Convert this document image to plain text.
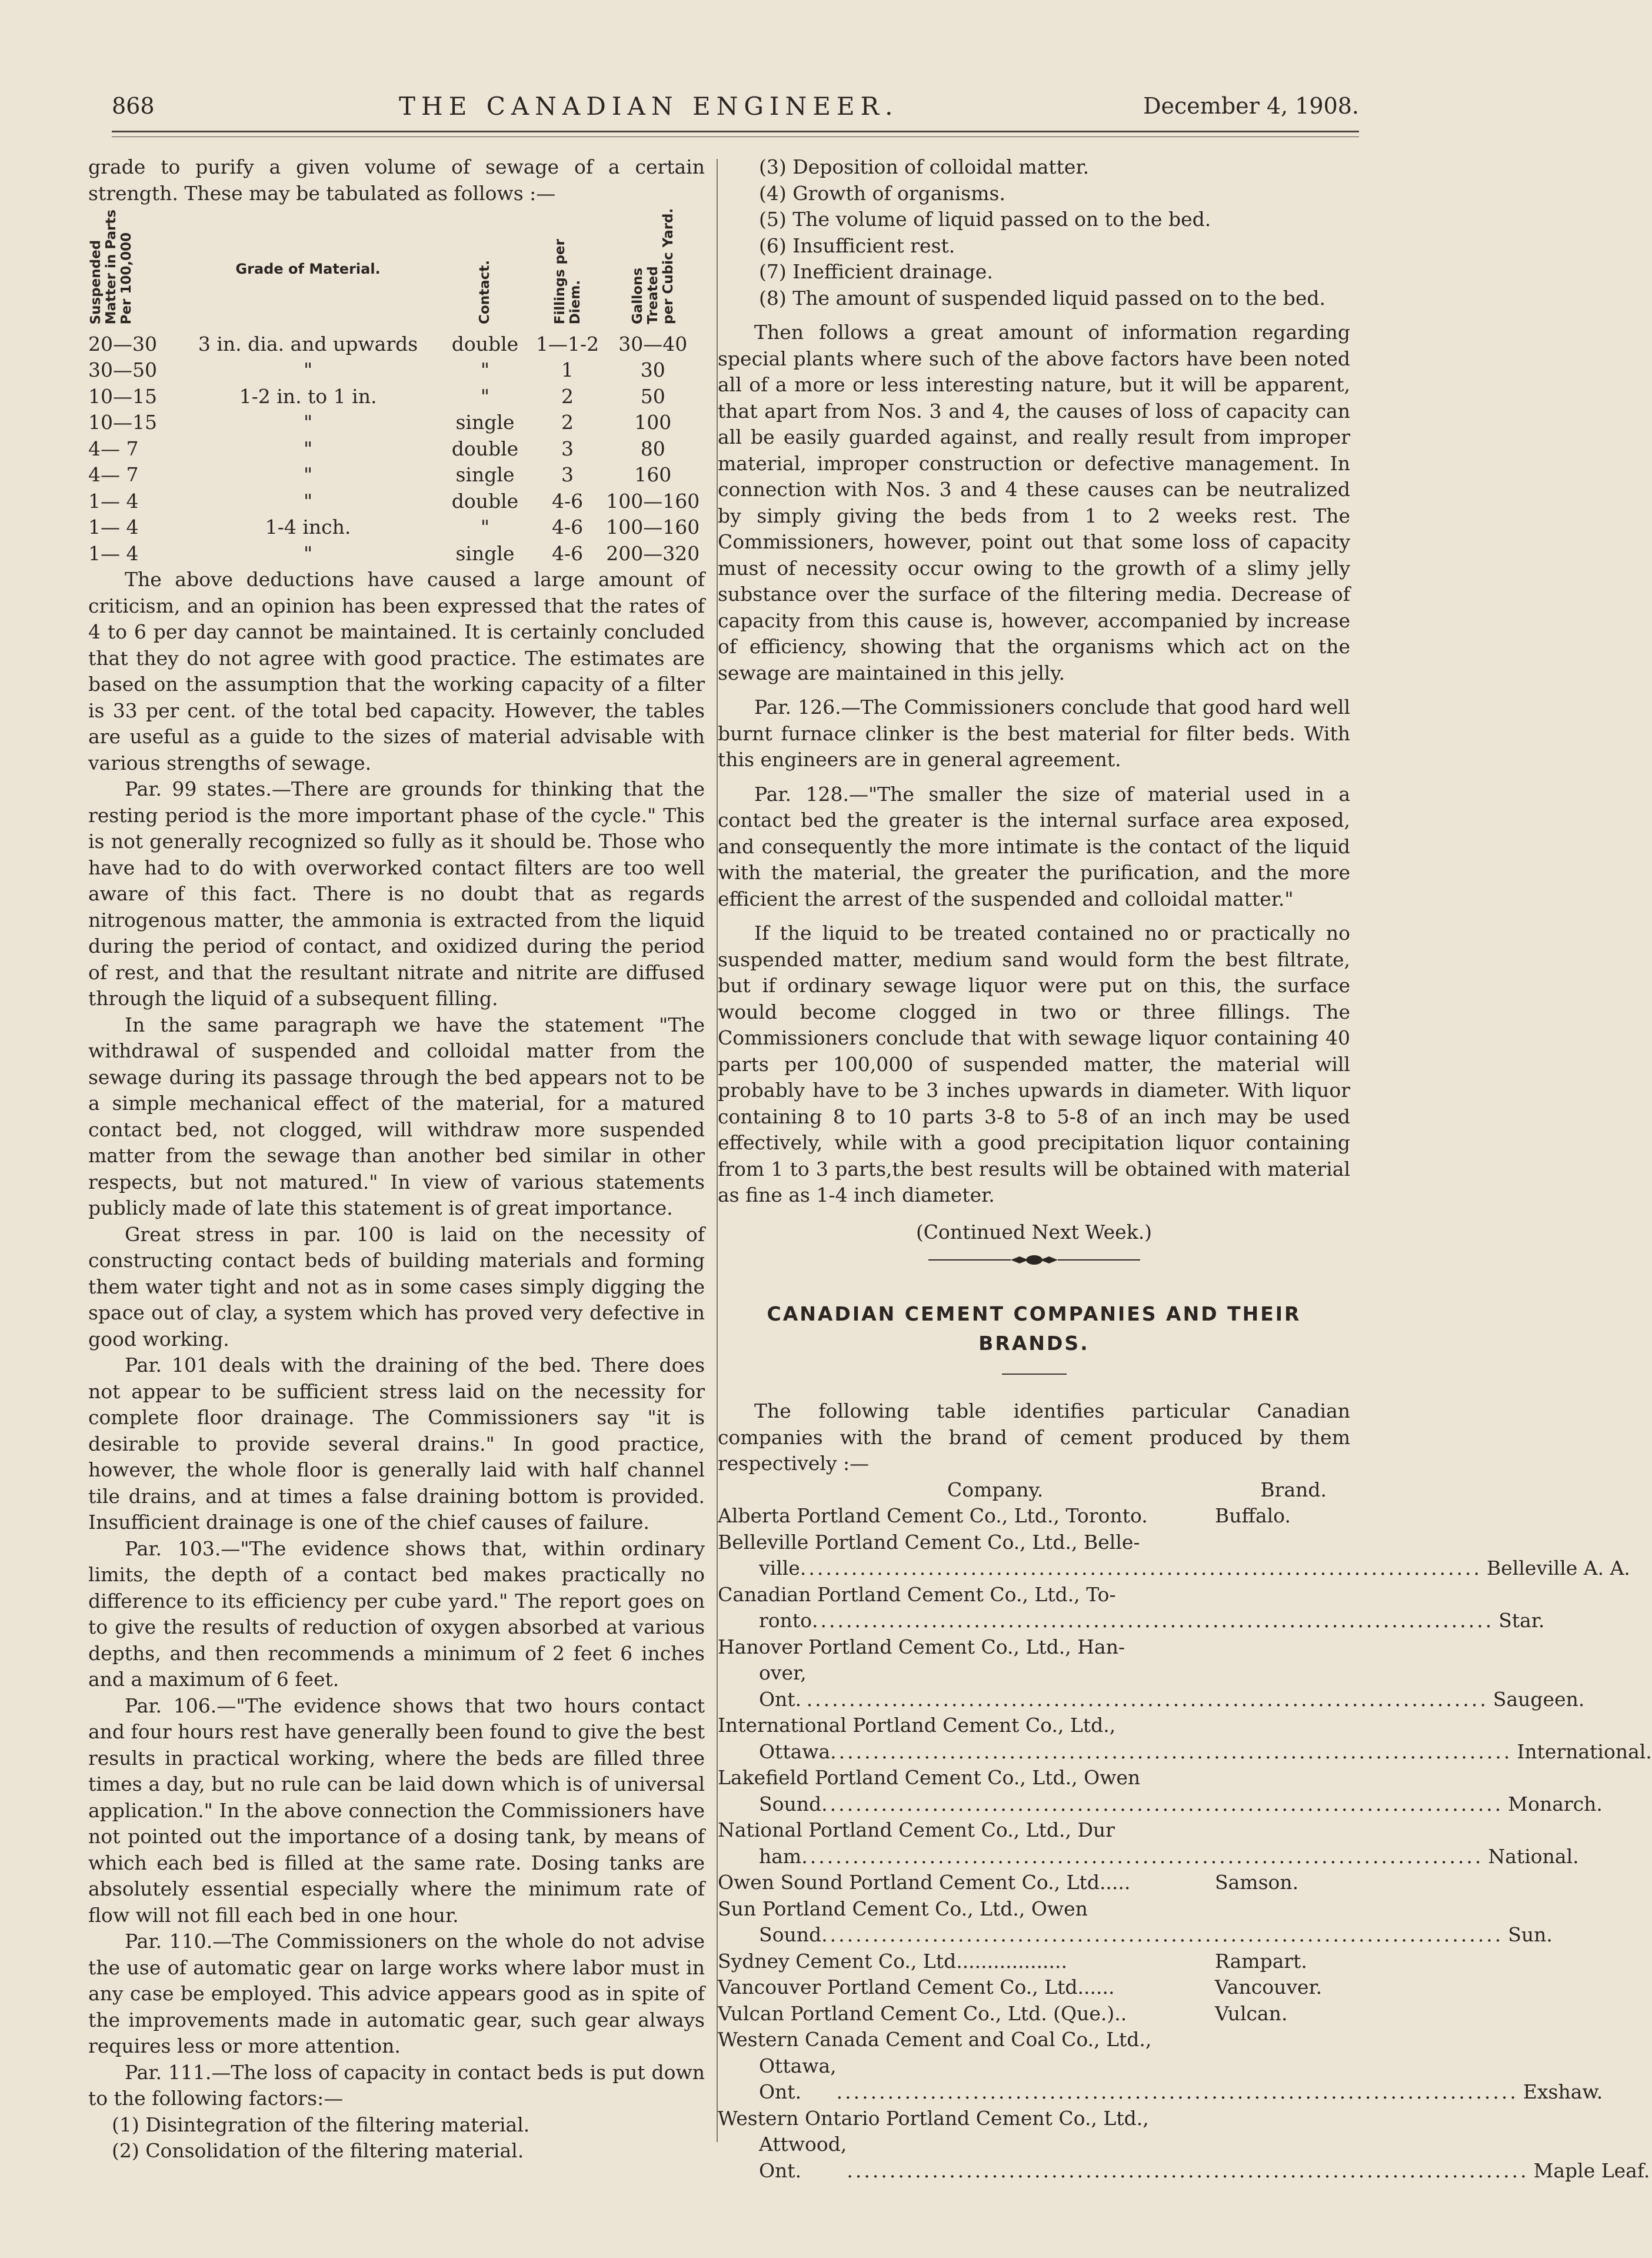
868	THE CANADIAN ENGINEER.	December 4, 1908.

grade to purify a given volume of sewage of a certain strength. These may be tabulated as follows :—

Suspended
Matter in Parts
Per 100,000	Grade of Material.	Contact.	Fillings per
Diem.	Gallons Treated
per Cubic Yard.
20—30	3 in. dia. and upwards	double	1—1-2	30—40
30—50	"	"	1	30
10—15	1-2 in. to 1 in.	"	2	50
10—15	"	single	2	100
4— 7	"	double	3	80
4— 7	"	single	3	160
1— 4	"	double	4-6	100—160
1— 4	1-4 inch.	"	4-6	100—160
1— 4	"	single	4-6	200—320

The above deductions have caused a large amount of criticism, and an opinion has been expressed that the rates of 4 to 6 per day cannot be maintained. It is certainly concluded that they do not agree with good practice. The estimates are based on the assumption that the working capacity of a filter is 33 per cent. of the total bed capacity. However, the tables are useful as a guide to the sizes of material advisable with various strengths of sewage.

Par. 99 states.—There are grounds for thinking that the resting period is the more important phase of the cycle." This is not generally recognized so fully as it should be. Those who have had to do with overworked contact filters are too well aware of this fact. There is no doubt that as regards nitrogenous matter, the ammonia is extracted from the liquid during the period of contact, and oxidized during the period of rest, and that the resultant nitrate and nitrite are diffused through the liquid of a subsequent filling.

In the same paragraph we have the statement "The withdrawal of suspended and colloidal matter from the sewage during its passage through the bed appears not to be a simple mechanical effect of the material, for a matured contact bed, not clogged, will withdraw more suspended matter from the sewage than another bed similar in other respects, but not matured." In view of various statements publicly made of late this statement is of great importance.

Great stress in par. 100 is laid on the necessity of constructing contact beds of building materials and forming them water tight and not as in some cases simply digging the space out of clay, a system which has proved very defective in good working.

Par. 101 deals with the draining of the bed. There does not appear to be sufficient stress laid on the necessity for complete floor drainage. The Commissioners say "it is desirable to provide several drains." In good practice, however, the whole floor is generally laid with half channel tile drains, and at times a false draining bottom is provided. Insufficient drainage is one of the chief causes of failure.

Par. 103.—"The evidence shows that, within ordinary limits, the depth of a contact bed makes practically no difference to its efficiency per cube yard." The report goes on to give the results of reduction of oxygen absorbed at various depths, and then recommends a minimum of 2 feet 6 inches and a maximum of 6 feet.

Par. 106.—"The evidence shows that two hours contact and four hours rest have generally been found to give the best results in practical working, where the beds are filled three times a day, but no rule can be laid down which is of universal application." In the above connection the Commissioners have not pointed out the importance of a dosing tank, by means of which each bed is filled at the same rate. Dosing tanks are absolutely essential especially where the minimum rate of flow will not fill each bed in one hour.

Par. 110.—The Commissioners on the whole do not advise the use of automatic gear on large works where labor must in any case be employed. This advice appears good as in spite of the improvements made in automatic gear, such gear always requires less or more attention.

Par. 111.—The loss of capacity in contact beds is put down to the following factors:—

(1) Disintegration of the filtering material.
(2) Consolidation of the filtering material.
(3) Deposition of colloidal matter.
(4) Growth of organisms.
(5) The volume of liquid passed on to the bed.
(6) Insufficient rest.
(7) Inefficient drainage.
(8) The amount of suspended liquid passed on to the bed.

Then follows a great amount of information regarding special plants where such of the above factors have been noted all of a more or less interesting nature, but it will be apparent, that apart from Nos. 3 and 4, the causes of loss of capacity can all be easily guarded against, and really result from improper material, improper construction or defective management. In connection with Nos. 3 and 4 these causes can be neutralized by simply giving the beds from 1 to 2 weeks rest. The Commissioners, however, point out that some loss of capacity must of necessity occur owing to the growth of a slimy jelly substance over the surface of the filtering media. Decrease of capacity from this cause is, however, accompanied by increase of efficiency, showing that the organisms which act on the sewage are maintained in this jelly.

Par. 126.—The Commissioners conclude that good hard well burnt furnace clinker is the best material for filter beds. With this engineers are in general agreement.

Par. 128.—"The smaller the size of material used in a contact bed the greater is the internal surface area exposed, and consequently the more intimate is the contact of the liquid with the material, the greater the purification, and the more efficient the arrest of the suspended and colloidal matter."

If the liquid to be treated contained no or practically no suspended matter, medium sand would form the best filtrate, but if ordinary sewage liquor were put on this, the surface would become clogged in two or three fillings. The Commissioners conclude that with sewage liquor containing 40 parts per 100,000 of suspended matter, the material will probably have to be 3 inches upwards in diameter. With liquor containing 8 to 10 parts 3-8 to 5-8 of an inch may be used effectively, while with a good precipitation liquor containing from 1 to 3 parts,the best results will be obtained with material as fine as 1-4 inch diameter.

(Continued Next Week.)
CANADIAN CEMENT COMPANIES AND THEIR BRANDS.

The following table identifies particular Canadian companies with the brand of cement produced by them respectively :—

Company.	Brand.
Alberta Portland Cement Co., Ltd., Toronto.	Buffalo.
Belleville Portland Cement Co., Ltd., Belle-
ville ................................................................................ Belleville A. A.
Canadian Portland Cement Co., Ltd., To-
ronto ................................................................................ Star.
Hanover Portland Cement Co., Ltd., Han-
over, Ont. ................................................................................ Saugeen.
International Portland Cement Co., Ltd.,
Ottawa ................................................................................ International.
Lakefield Portland Cement Co., Ltd., Owen
Sound ................................................................................ Monarch.
National Portland Cement Co., Ltd., Dur
ham ................................................................................ National.
Owen Sound Portland Cement Co., Ltd.....	Samson.
Sun Portland Cement Co., Ltd., Owen
Sound ................................................................................ Sun.
Sydney Cement Co., Ltd..................	Rampart.
Vancouver Portland Cement Co., Ltd......	Vancouver.
Vulcan Portland Cement Co., Ltd. (Que.)..	Vulcan.
Western Canada Cement and Coal Co., Ltd.,
Ottawa, Ont.	................................................................................ Exshaw.
Western Ontario Portland Cement Co., Ltd.,
Attwood, Ont.	................................................................................ Maple Leaf.
